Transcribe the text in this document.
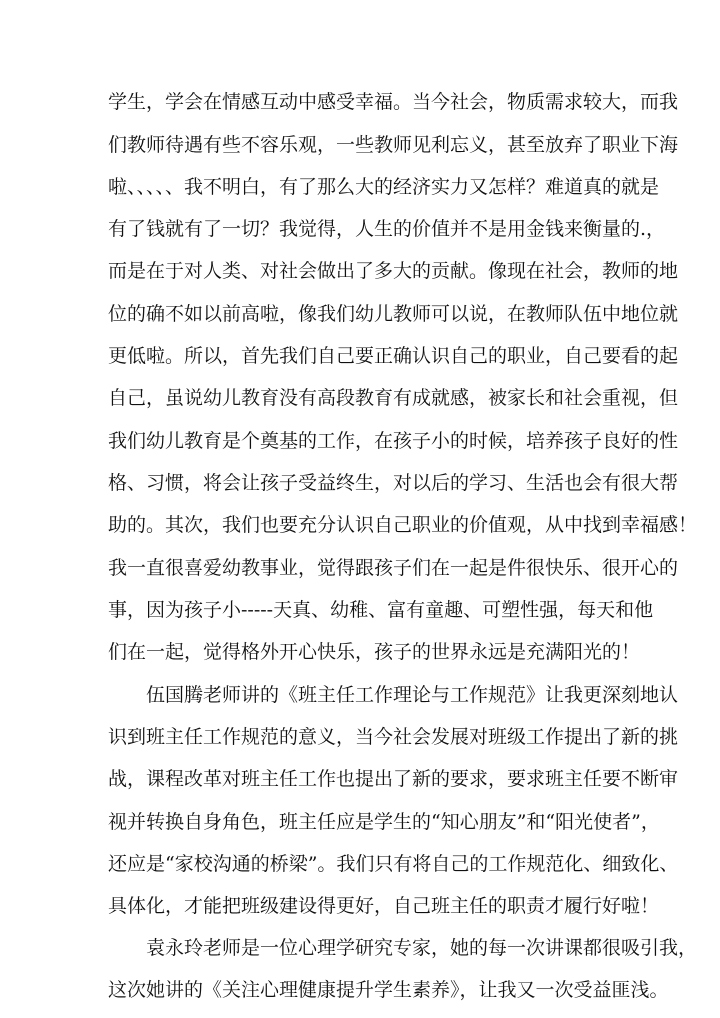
学生，学会在情感互动中感受幸福。当今社会，物质需求较大，而我
们教师待遇有些不容乐观，一些教师见利忘义，甚至放弃了职业下海
啦、、、、、我不明白，有了那么大的经济实力又怎样？难道真的就是
有了钱就有了一切？我觉得，人生的价值并不是用金钱来衡量的.，
而是在于对人类、对社会做出了多大的贡献。像现在社会，教师的地
位的确不如以前高啦，像我们幼儿教师可以说，在教师队伍中地位就
更低啦。所以，首先我们自己要正确认识自己的职业，自己要看的起
自己，虽说幼儿教育没有高段教育有成就感，被家长和社会重视，但
我们幼儿教育是个奠基的工作，在孩子小的时候，培养孩子良好的性
格、习惯，将会让孩子受益终生，对以后的学习、生活也会有很大帮
助的。其次，我们也要充分认识自己职业的价值观，从中找到幸福感！
我一直很喜爱幼教事业，觉得跟孩子们在一起是件很快乐、很开心的
事，因为孩子小-----天真、幼稚、富有童趣、可塑性强，每天和他
们在一起，觉得格外开心快乐，孩子的世界永远是充满阳光的！
伍国腾老师讲的《班主任工作理论与工作规范》让我更深刻地认
识到班主任工作规范的意义，当今社会发展对班级工作提出了新的挑
战，课程改革对班主任工作也提出了新的要求，要求班主任要不断审
视并转换自身角色，班主任应是学生的“知心朋友”和“阳光使者”，
还应是“家校沟通的桥梁”。我们只有将自己的工作规范化、细致化、
具体化，才能把班级建设得更好，自己班主任的职责才履行好啦！
袁永玲老师是一位心理学研究专家，她的每一次讲课都很吸引我，
这次她讲的《关注心理健康提升学生素养》，让我又一次受益匪浅。
